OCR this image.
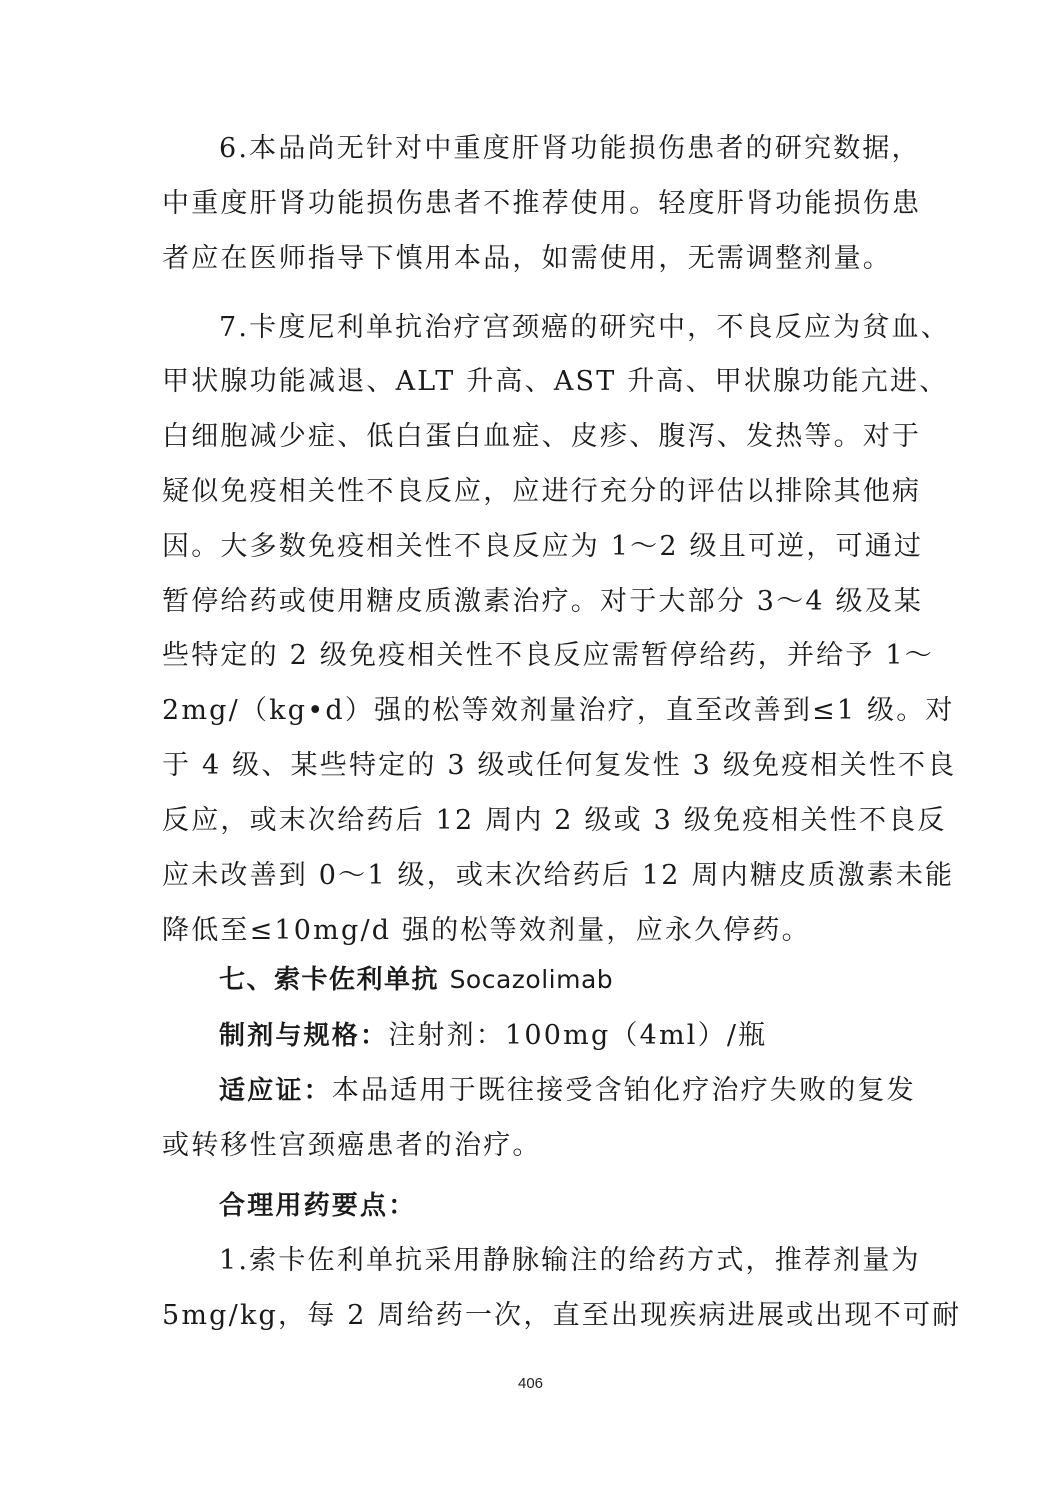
6.本品尚无针对中重度肝肾功能损伤患者的研究数据，
中重度肝肾功能损伤患者不推荐使用。轻度肝肾功能损伤患
者应在医师指导下慎用本品，如需使用，无需调整剂量。
7.卡度尼利单抗治疗宫颈癌的研究中，不良反应为贫血、
甲状腺功能减退、ALT 升高、AST 升高、甲状腺功能亢进、
白细胞减少症、低白蛋白血症、皮疹、腹泻、发热等。对于
疑似免疫相关性不良反应，应进行充分的评估以排除其他病
因。大多数免疫相关性不良反应为 1～2 级且可逆，可通过
暂停给药或使用糖皮质激素治疗。对于大部分 3～4 级及某
些特定的 2 级免疫相关性不良反应需暂停给药，并给予 1～
2mg/（kg•d）强的松等效剂量治疗，直至改善到≤1 级。对
于 4 级、某些特定的 3 级或任何复发性 3 级免疫相关性不良
反应，或末次给药后 12 周内 2 级或 3 级免疫相关性不良反
应未改善到 0～1 级，或末次给药后 12 周内糖皮质激素未能
降低至≤10mg/d 强的松等效剂量，应永久停药。
七、索卡佐利单抗 Socazolimab
制剂与规格：注射剂：100mg（4ml）/瓶
适应证：本品适用于既往接受含铂化疗治疗失败的复发
或转移性宫颈癌患者的治疗。
合理用药要点：
1.索卡佐利单抗采用静脉输注的给药方式，推荐剂量为
5mg/kg，每 2 周给药一次，直至出现疾病进展或出现不可耐
406
